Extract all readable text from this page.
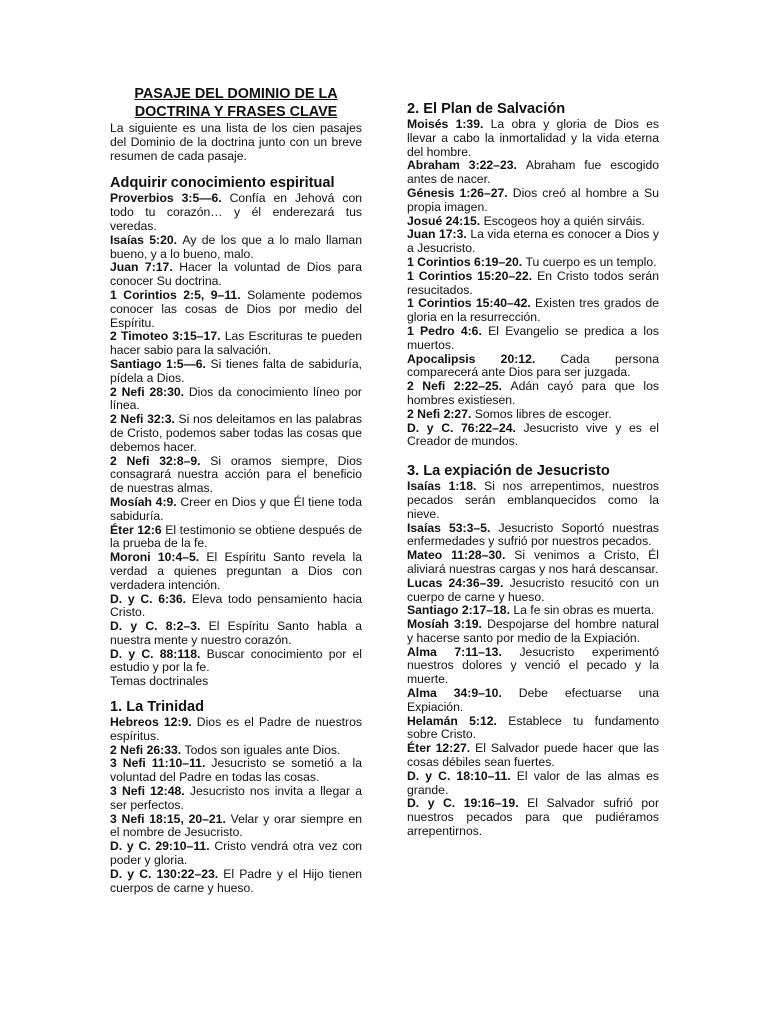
PASAJE DEL DOMINIO DE LA
DOCTRINA Y FRASES CLAVE

La siguiente es una lista de los cien pasajes del Dominio de la doctrina junto con un breve resumen de cada pasaje.

Adquirir conocimiento espiritual

Proverbios 3:5—6. Confía en Jehová con todo tu corazón… y él enderezará tus veredas.

Isaías 5:20. Ay de los que a lo malo llaman bueno, y a lo bueno, malo.

Juan 7:17. Hacer la voluntad de Dios para conocer Su doctrina.

1 Corintios 2:5, 9–11. Solamente podemos conocer las cosas de Dios por medio del Espíritu.

2 Timoteo 3:15–17. Las Escrituras te pueden hacer sabio para la salvación.

Santiago 1:5—6. Si tienes falta de sabiduría, pídela a Dios.

2 Nefi 28:30. Dios da conocimiento líneo por línea.

2 Nefi 32:3. Si nos deleitamos en las palabras de Cristo, podemos saber todas las cosas que debemos hacer.

2 Nefi 32:8–9. Si oramos siempre, Dios consagrará nuestra acción para el beneficio de nuestras almas.

Mosíah 4:9. Creer en Dios y que Él tiene toda sabiduría.

Éter 12:6 El testimonio se obtiene después de la prueba de la fe.

Moroni 10:4–5. El Espíritu Santo revela la verdad a quienes preguntan a Dios con verdadera intención.

D. y C. 6:36. Eleva todo pensamiento hacia Cristo.

D. y C. 8:2–3. El Espíritu Santo habla a nuestra mente y nuestro corazón.

D. y C. 88:118. Buscar conocimiento por el estudio y por la fe.

Temas doctrinales

1. La Trinidad

Hebreos 12:9. Dios es el Padre de nuestros espíritus.

2 Nefi 26:33. Todos son iguales ante Dios.

3 Nefi 11:10–11. Jesucristo se sometió a la voluntad del Padre en todas las cosas.

3 Nefi 12:48. Jesucristo nos invita a llegar a ser perfectos.

3 Nefi 18:15, 20–21. Velar y orar siempre en el nombre de Jesucristo.

D. y C. 29:10–11. Cristo vendrá otra vez con poder y gloria.

D. y C. 130:22–23. El Padre y el Hijo tienen cuerpos de carne y hueso.

2. El Plan de Salvación

Moisés 1:39. La obra y gloria de Dios es llevar a cabo la inmortalidad y la vida eterna del hombre.

Abraham 3:22–23. Abraham fue escogido antes de nacer.

Génesis 1:26–27. Dios creó al hombre a Su propia imagen.

Josué 24:15. Escogeos hoy a quién sirváis.

Juan 17:3. La vida eterna es conocer a Dios y a Jesucristo.

1 Corintios 6:19–20. Tu cuerpo es un templo.

1 Corintios 15:20–22. En Cristo todos serán resucitados.

1 Corintios 15:40–42. Existen tres grados de gloria en la resurrección.

1 Pedro 4:6. El Evangelio se predica a los muertos.

Apocalipsis 20:12. Cada persona comparecerá ante Dios para ser juzgada.

2 Nefi 2:22–25. Adán cayó para que los hombres existiesen.

2 Nefi 2:27. Somos libres de escoger.

D. y C. 76:22–24. Jesucristo vive y es el Creador de mundos.

3. La expiación de Jesucristo

Isaías 1:18. Si nos arrepentimos, nuestros pecados serán emblanquecidos como la nieve.

Isaías 53:3–5. Jesucristo Soportó nuestras enfermedades y sufrió por nuestros pecados.

Mateo 11:28–30. Si venimos a Cristo, Él aliviará nuestras cargas y nos hará descansar.

Lucas 24:36–39. Jesucristo resucitó con un cuerpo de carne y hueso.

Santiago 2:17–18. La fe sin obras es muerta.

Mosíah 3:19. Despojarse del hombre natural y hacerse santo por medio de la Expiación.

Alma 7:11–13. Jesucristo experimentó nuestros dolores y venció el pecado y la muerte.

Alma 34:9–10. Debe efectuarse una Expiación.

Helamán 5:12. Establece tu fundamento sobre Cristo.

Éter 12:27. El Salvador puede hacer que las cosas débiles sean fuertes.

D. y C. 18:10–11. El valor de las almas es grande.

D. y C. 19:16–19. El Salvador sufrió por nuestros pecados para que pudiéramos arrepentirnos.
